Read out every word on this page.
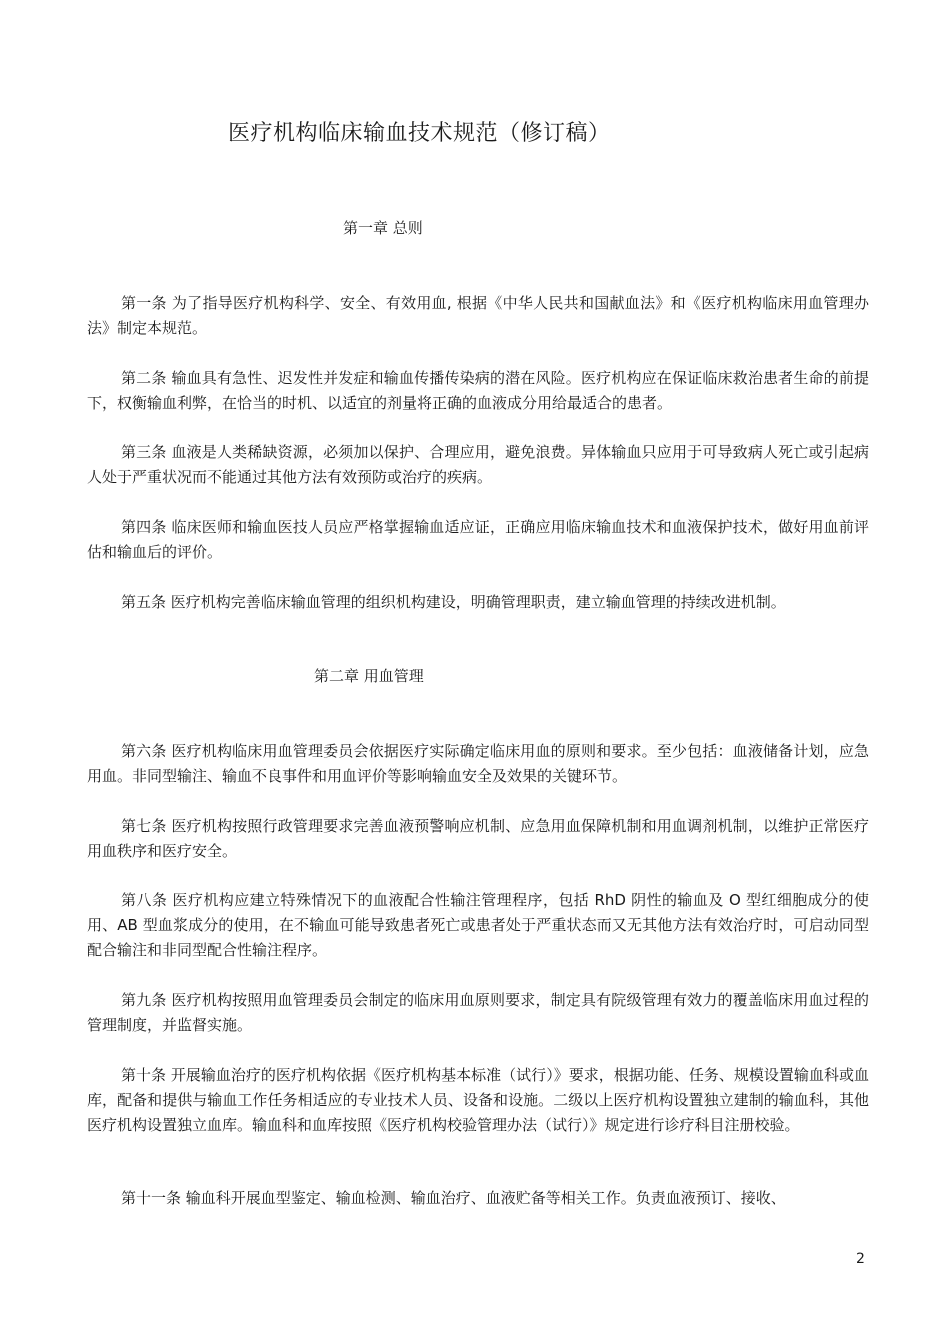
医疗机构临床输血技术规范（修订稿）
第一章 总则

第一条 为了指导医疗机构科学、安全、有效用血, 根据《中华人民共和国献血法》和《医疗机构临床用血管理办法》制定本规范。

第二条 输血具有急性、迟发性并发症和输血传播传染病的潜在风险。医疗机构应在保证临床救治患者生命的前提下，权衡输血利弊，在恰当的时机、以适宜的剂量将正确的血液成分用给最适合的患者。

第三条 血液是人类稀缺资源，必须加以保护、合理应用，避免浪费。异体输血只应用于可导致病人死亡或引起病人处于严重状况而不能通过其他方法有效预防或治疗的疾病。

第四条 临床医师和输血医技人员应严格掌握输血适应证，正确应用临床输血技术和血液保护技术，做好用血前评估和输血后的评价。

第五条 医疗机构完善临床输血管理的组织机构建设，明确管理职责，建立输血管理的持续改进机制。

第二章 用血管理

第六条 医疗机构临床用血管理委员会依据医疗实际确定临床用血的原则和要求。至少包括：血液储备计划，应急用血。非同型输注、输血不良事件和用血评价等影响输血安全及效果的关键环节。

第七条 医疗机构按照行政管理要求完善血液预警响应机制、应急用血保障机制和用血调剂机制，以维护正常医疗用血秩序和医疗安全。

第八条 医疗机构应建立特殊情况下的血液配合性输注管理程序，包括 RhD 阴性的输血及 O 型红细胞成分的使用、AB 型血浆成分的使用，在不输血可能导致患者死亡或患者处于严重状态而又无其他方法有效治疗时，可启动同型配合输注和非同型配合性输注程序。

第九条 医疗机构按照用血管理委员会制定的临床用血原则要求，制定具有院级管理有效力的覆盖临床用血过程的管理制度，并监督实施。

第十条 开展输血治疗的医疗机构依据《医疗机构基本标准（试行）》要求，根据功能、任务、规模设置输血科或血库，配备和提供与输血工作任务相适应的专业技术人员、设备和设施。二级以上医疗机构设置独立建制的输血科，其他医疗机构设置独立血库。输血科和血库按照《医疗机构校验管理办法（试行）》规定进行诊疗科目注册校验。

第十一条 输血科开展血型鉴定、输血检测、输血治疗、血液贮备等相关工作。负责血液预订、接收、

2
